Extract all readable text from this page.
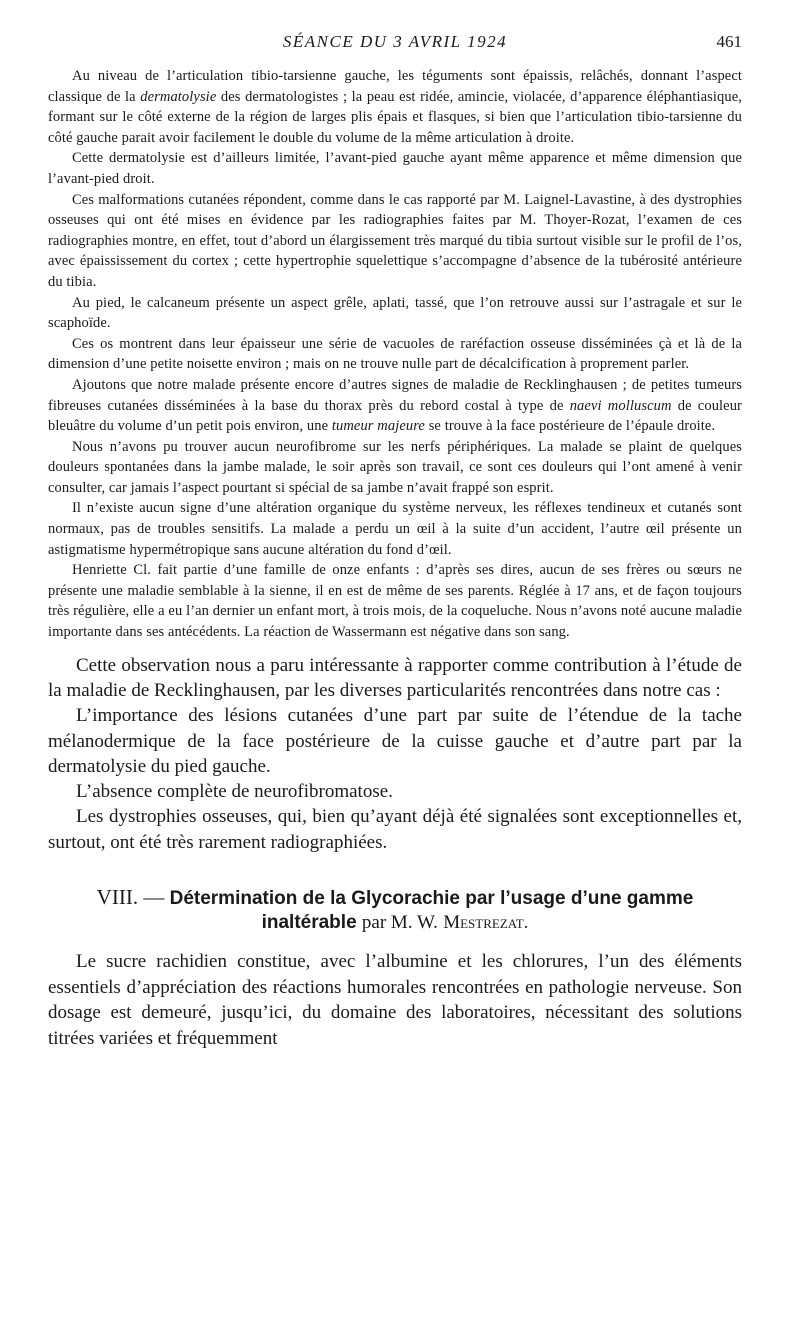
SÉANCE DU 3 AVRIL 1924	461

Au niveau de l’articulation tibio-tarsienne gauche, les téguments sont épaissis, relâchés, donnant l’aspect classique de la dermatolysie des dermatologistes ; la peau est ridée, amincie, violacée, d’apparence éléphantiasique, formant sur le côté externe de la région de larges plis épais et flasques, si bien que l’articulation tibio-tarsienne du côté gauche parait avoir facilement le double du volume de la même articulation à droite.

Cette dermatolysie est d’ailleurs limitée, l’avant-pied gauche ayant même apparence et même dimension que l’avant-pied droit.

Ces malformations cutanées répondent, comme dans le cas rapporté par M. Laignel-Lavastine, à des dystrophies osseuses qui ont été mises en évidence par les radiographies faites par M. Thoyer-Rozat, l’examen de ces radiographies montre, en effet, tout d’abord un élargissement très marqué du tibia surtout visible sur le profil de l’os, avec épaississement du cortex ; cette hypertrophie squelettique s’accompagne d’absence de la tubérosité antérieure du tibia.

Au pied, le calcaneum présente un aspect grêle, aplati, tassé, que l’on retrouve aussi sur l’astragale et sur le scaphoïde.

Ces os montrent dans leur épaisseur une série de vacuoles de raréfaction osseuse disséminées çà et là de la dimension d’une petite noisette environ ; mais on ne trouve nulle part de décalcification à proprement parler.

Ajoutons que notre malade présente encore d’autres signes de maladie de Recklinghausen ; de petites tumeurs fibreuses cutanées disséminées à la base du thorax près du rebord costal à type de naevi molluscum de couleur bleuâtre du volume d’un petit pois environ, une tumeur majeure se trouve à la face postérieure de l’épaule droite.

Nous n’avons pu trouver aucun neurofibrome sur les nerfs périphériques. La malade se plaint de quelques douleurs spontanées dans la jambe malade, le soir après son travail, ce sont ces douleurs qui l’ont amené à venir consulter, car jamais l’aspect pourtant si spécial de sa jambe n’avait frappé son esprit.

Il n’existe aucun signe d’une altération organique du système nerveux, les réflexes tendineux et cutanés sont normaux, pas de troubles sensitifs. La malade a perdu un œil à la suite d’un accident, l’autre œil présente un astigmatisme hypermétropique sans aucune altération du fond d’œil.

Henriette Cl. fait partie d’une famille de onze enfants : d’après ses dires, aucun de ses frères ou sœurs ne présente une maladie semblable à la sienne, il en est de même de ses parents. Réglée à 17 ans, et de façon toujours très régulière, elle a eu l’an dernier un enfant mort, à trois mois, de la coqueluche. Nous n’avons noté aucune maladie importante dans ses antécédents. La réaction de Wassermann est négative dans son sang.

Cette observation nous a paru intéressante à rapporter comme contribution à l’étude de la maladie de Recklinghausen, par les diverses particularités rencontrées dans notre cas :

L’importance des lésions cutanées d’une part par suite de l’étendue de la tache mélanodermique de la face postérieure de la cuisse gauche et d’autre part par la dermatolysie du pied gauche.

L’absence complète de neurofibromatose.

Les dystrophies osseuses, qui, bien qu’ayant déjà été signalées sont exceptionnelles et, surtout, ont été très rarement radiographiées.

VIII. — Détermination de la Glycorachie par l’usage d’une gamme inaltérable par M. W. Mestrezat.

Le sucre rachidien constitue, avec l’albumine et les chlorures, l’un des éléments essentiels d’appréciation des réactions humorales rencontrées en pathologie nerveuse. Son dosage est demeuré, jusqu’ici, du domaine des laboratoires, nécessitant des solutions titrées variées et fréquemment
